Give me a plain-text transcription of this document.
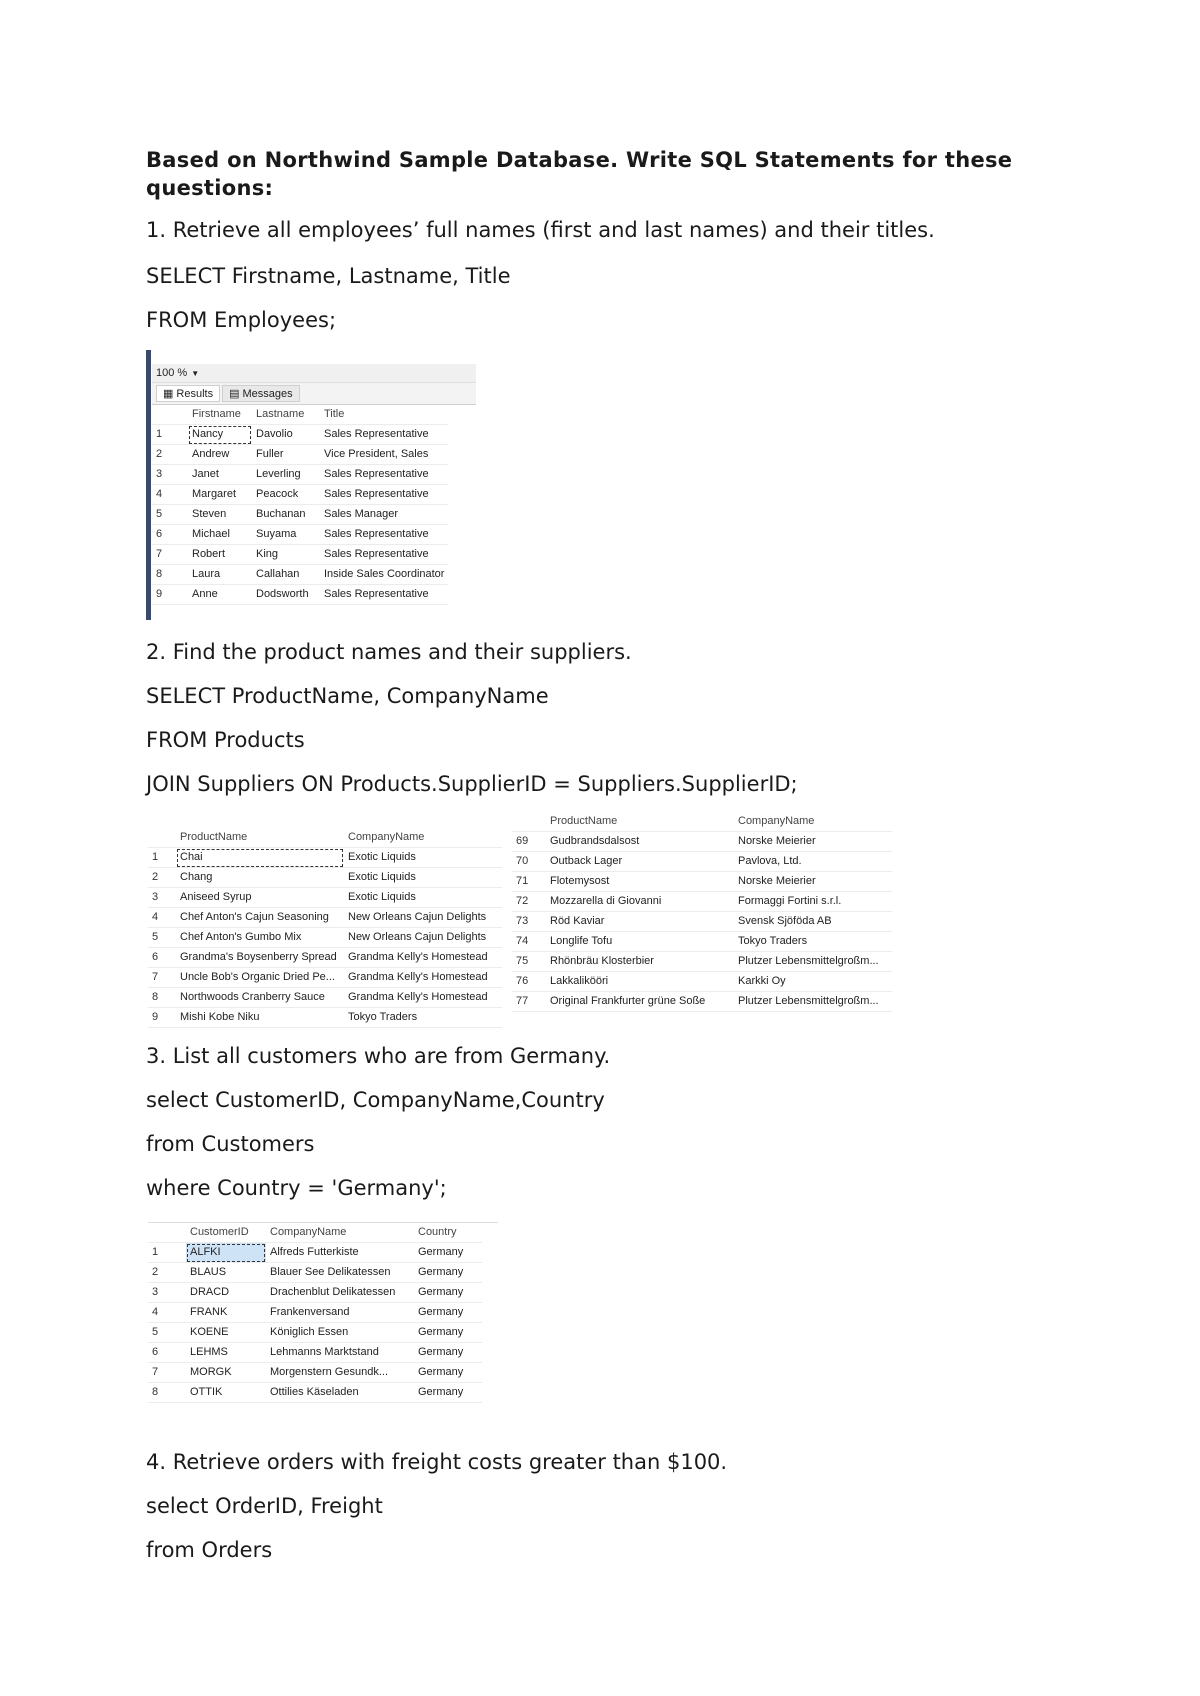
Based on Northwind Sample Database. Write SQL Statements for these questions:

1. Retrieve all employees’ full names (first and last names) and their titles.

SELECT Firstname, Lastname, Title

FROM Employees;

100 % ▼
▦ Results ▤ Messages
	Firstname	Lastname	Title
1	Nancy	Davolio	Sales Representative
2	Andrew	Fuller	Vice President, Sales
3	Janet	Leverling	Sales Representative
4	Margaret	Peacock	Sales Representative
5	Steven	Buchanan	Sales Manager
6	Michael	Suyama	Sales Representative
7	Robert	King	Sales Representative
8	Laura	Callahan	Inside Sales Coordinator
9	Anne	Dodsworth	Sales Representative

2. Find the product names and their suppliers.

SELECT ProductName, CompanyName

FROM Products

JOIN Suppliers ON Products.SupplierID = Suppliers.SupplierID;

	ProductName	CompanyName
1	Chai	Exotic Liquids
2	Chang	Exotic Liquids
3	Aniseed Syrup	Exotic Liquids
4	Chef Anton's Cajun Seasoning	New Orleans Cajun Delights
5	Chef Anton's Gumbo Mix	New Orleans Cajun Delights
6	Grandma's Boysenberry Spread	Grandma Kelly's Homestead
7	Uncle Bob's Organic Dried Pe...	Grandma Kelly's Homestead
8	Northwoods Cranberry Sauce	Grandma Kelly's Homestead
9	Mishi Kobe Niku	Tokyo Traders
	ProductName	CompanyName
69	Gudbrandsdalsost	Norske Meierier
70	Outback Lager	Pavlova, Ltd.
71	Flotemysost	Norske Meierier
72	Mozzarella di Giovanni	Formaggi Fortini s.r.l.
73	Röd Kaviar	Svensk Sjöföda AB
74	Longlife Tofu	Tokyo Traders
75	Rhönbräu Klosterbier	Plutzer Lebensmittelgroßm...
76	Lakkalikööri	Karkki Oy
77	Original Frankfurter grüne Soße	Plutzer Lebensmittelgroßm...

3. List all customers who are from Germany.

select CustomerID, CompanyName,Country

from Customers

where Country = 'Germany';

	CustomerID	CompanyName	Country
1	ALFKI	Alfreds Futterkiste	Germany
2	BLAUS	Blauer See Delikatessen	Germany
3	DRACD	Drachenblut Delikatessen	Germany
4	FRANK	Frankenversand	Germany
5	KOENE	Königlich Essen	Germany
6	LEHMS	Lehmanns Marktstand	Germany
7	MORGK	Morgenstern Gesundk...	Germany
8	OTTIK	Ottilies Käseladen	Germany

4. Retrieve orders with freight costs greater than $100.

select OrderID, Freight

from Orders
